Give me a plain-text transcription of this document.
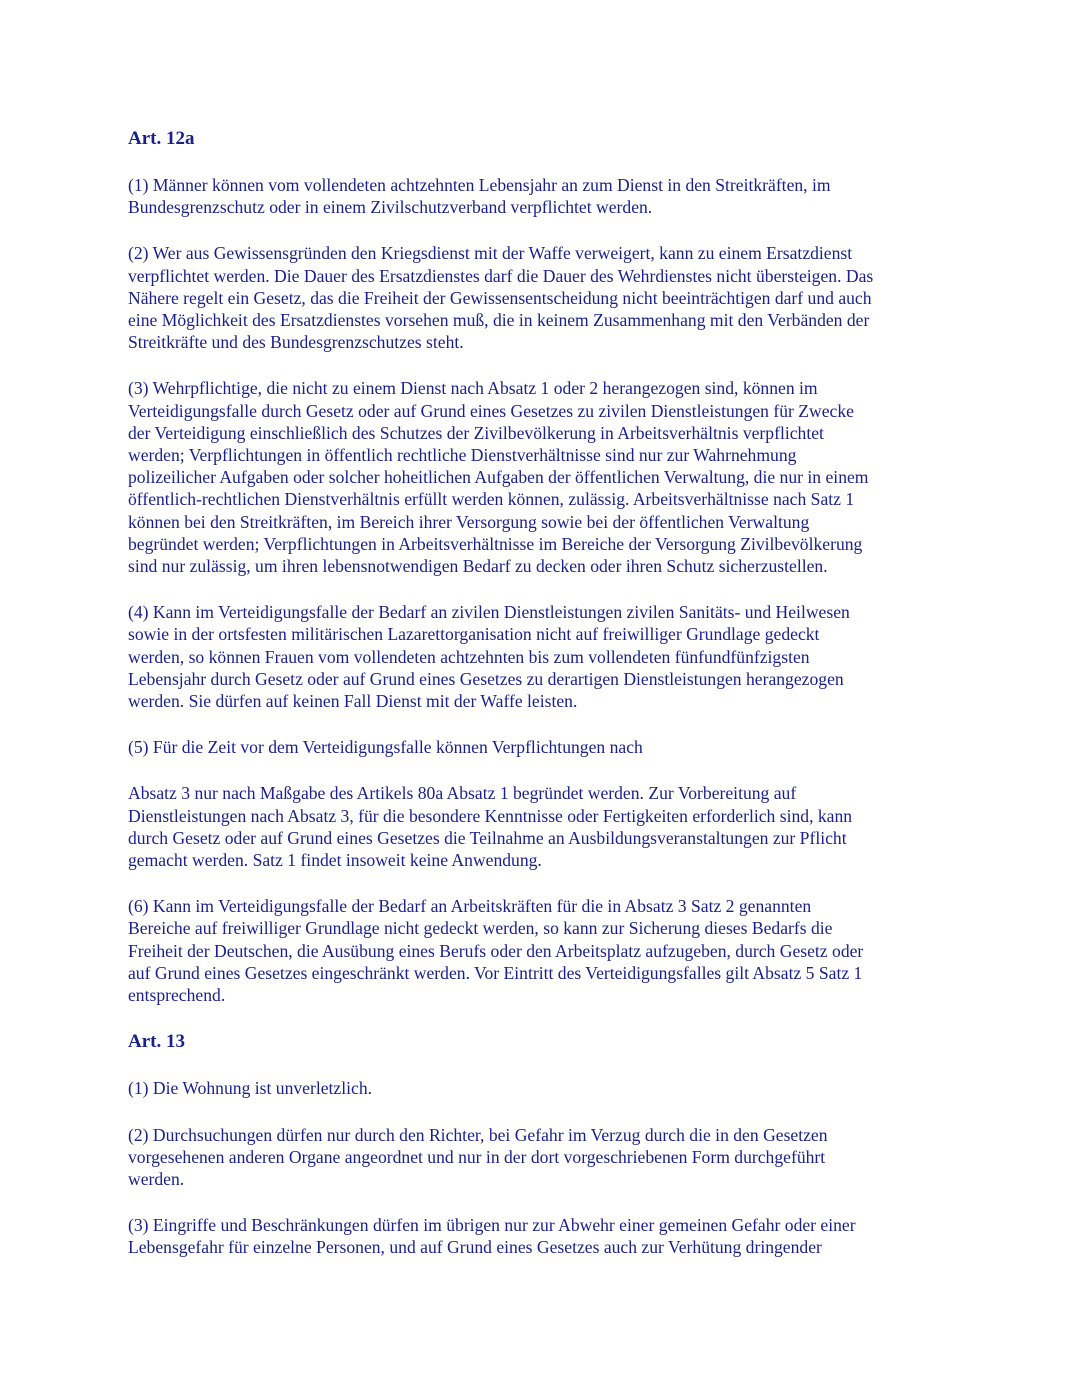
Art. 12a
(1) Männer können vom vollendeten achtzehnten Lebensjahr an zum Dienst in den Streitkräften, im
Bundesgrenzschutz oder in einem Zivilschutzverband verpflichtet werden.
(2) Wer aus Gewissensgründen den Kriegsdienst mit der Waffe verweigert, kann zu einem Ersatzdienst
verpflichtet werden. Die Dauer des Ersatzdienstes darf die Dauer des Wehrdienstes nicht übersteigen. Das
Nähere regelt ein Gesetz, das die Freiheit der Gewissensentscheidung nicht beeinträchtigen darf und auch
eine Möglichkeit des Ersatzdienstes vorsehen muß, die in keinem Zusammenhang mit den Verbänden der
Streitkräfte und des Bundesgrenzschutzes steht.
(3) Wehrpflichtige, die nicht zu einem Dienst nach Absatz 1 oder 2 herangezogen sind, können im
Verteidigungsfalle durch Gesetz oder auf Grund eines Gesetzes zu zivilen Dienstleistungen für Zwecke
der Verteidigung einschließlich des Schutzes der Zivilbevölkerung in Arbeitsverhältnis verpflichtet
werden; Verpflichtungen in öffentlich rechtliche Dienstverhältnisse sind nur zur Wahrnehmung
polizeilicher Aufgaben oder solcher hoheitlichen Aufgaben der öffentlichen Verwaltung, die nur in einem
öffentlich-rechtlichen Dienstverhältnis erfüllt werden können, zulässig. Arbeitsverhältnisse nach Satz 1
können bei den Streitkräften, im Bereich ihrer Versorgung sowie bei der öffentlichen Verwaltung
begründet werden; Verpflichtungen in Arbeitsverhältnisse im Bereiche der Versorgung Zivilbevölkerung
sind nur zulässig, um ihren lebensnotwendigen Bedarf zu decken oder ihren Schutz sicherzustellen.
(4) Kann im Verteidigungsfalle der Bedarf an zivilen Dienstleistungen zivilen Sanitäts- und Heilwesen
sowie in der ortsfesten militärischen Lazarettorganisation nicht auf freiwilliger Grundlage gedeckt
werden, so können Frauen vom vollendeten achtzehnten bis zum vollendeten fünfundfünfzigsten
Lebensjahr durch Gesetz oder auf Grund eines Gesetzes zu derartigen Dienstleistungen herangezogen
werden. Sie dürfen auf keinen Fall Dienst mit der Waffe leisten.
(5) Für die Zeit vor dem Verteidigungsfalle können Verpflichtungen nach
Absatz 3 nur nach Maßgabe des Artikels 80a Absatz 1 begründet werden. Zur Vorbereitung auf
Dienstleistungen nach Absatz 3, für die besondere Kenntnisse oder Fertigkeiten erforderlich sind, kann
durch Gesetz oder auf Grund eines Gesetzes die Teilnahme an Ausbildungsveranstaltungen zur Pflicht
gemacht werden. Satz 1 findet insoweit keine Anwendung.
(6) Kann im Verteidigungsfalle der Bedarf an Arbeitskräften für die in Absatz 3 Satz 2 genannten
Bereiche auf freiwilliger Grundlage nicht gedeckt werden, so kann zur Sicherung dieses Bedarfs die
Freiheit der Deutschen, die Ausübung eines Berufs oder den Arbeitsplatz aufzugeben, durch Gesetz oder
auf Grund eines Gesetzes eingeschränkt werden. Vor Eintritt des Verteidigungsfalles gilt Absatz 5 Satz 1
entsprechend.
Art. 13
(1) Die Wohnung ist unverletzlich.
(2) Durchsuchungen dürfen nur durch den Richter, bei Gefahr im Verzug durch die in den Gesetzen
vorgesehenen anderen Organe angeordnet und nur in der dort vorgeschriebenen Form durchgeführt
werden.
(3) Eingriffe und Beschränkungen dürfen im übrigen nur zur Abwehr einer gemeinen Gefahr oder einer
Lebensgefahr für einzelne Personen, und auf Grund eines Gesetzes auch zur Verhütung dringender
